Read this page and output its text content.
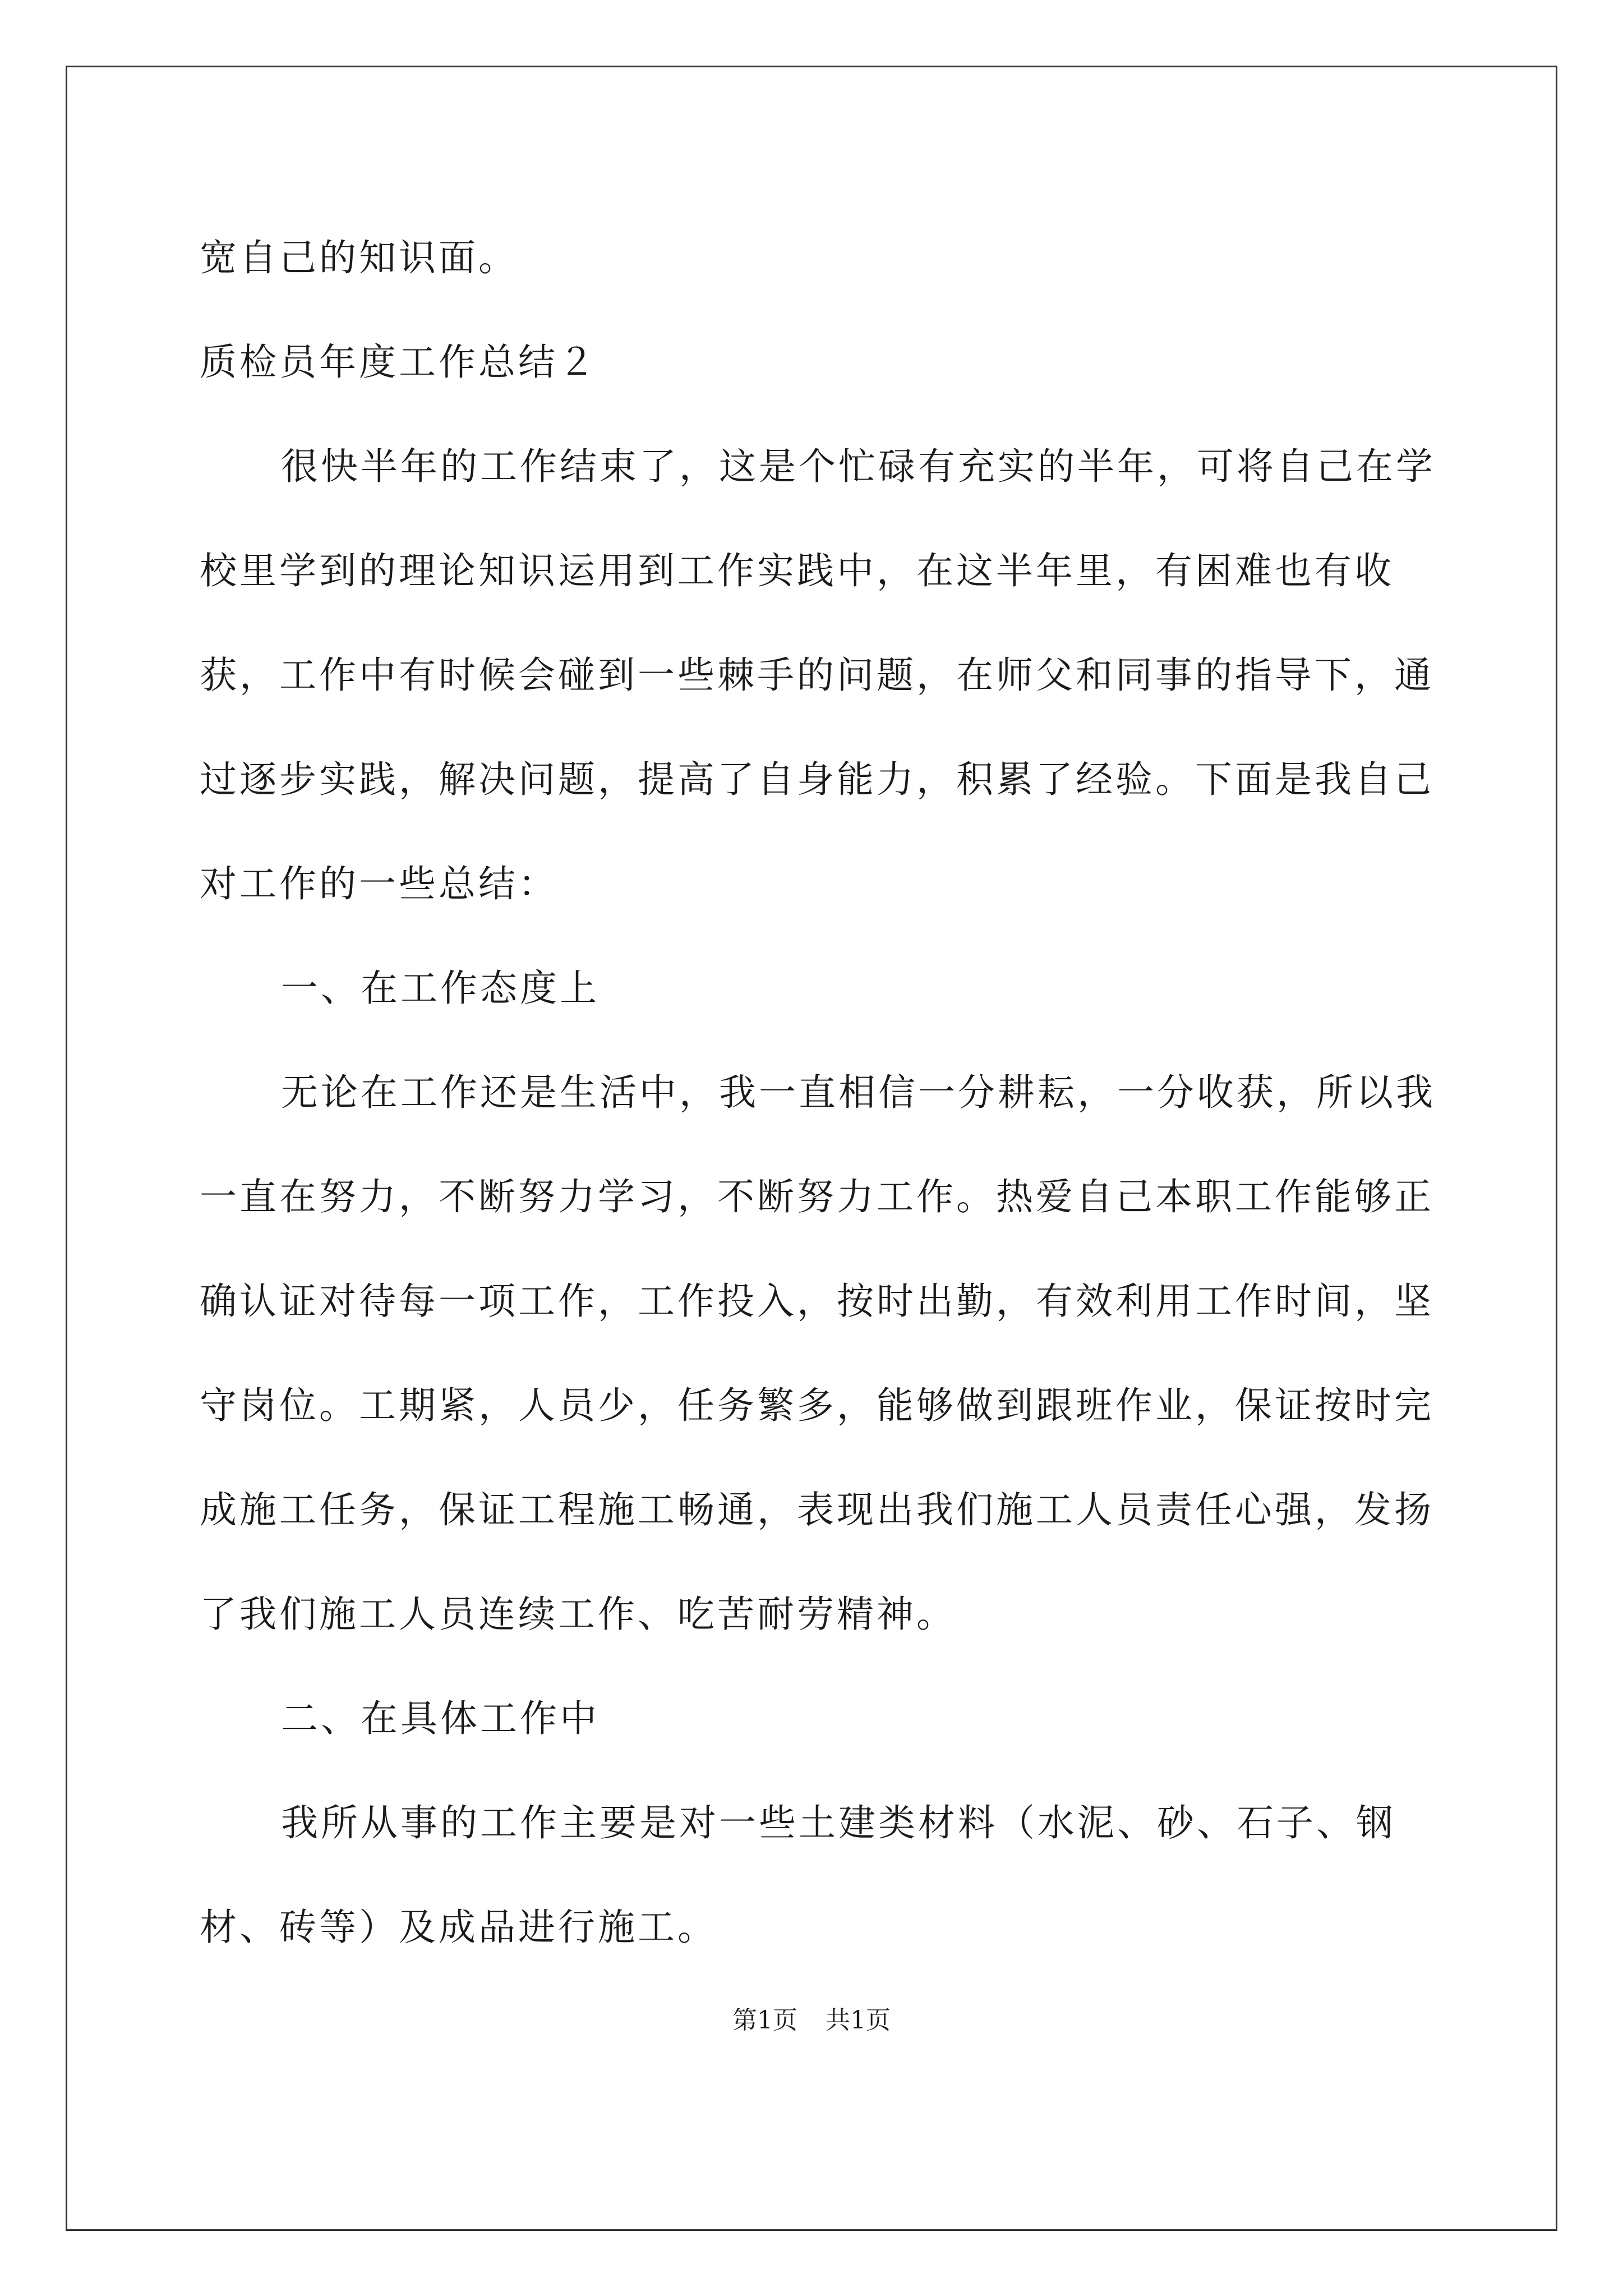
宽自己的知识面。

质检员年度工作总结２

很快半年的工作结束了，这是个忙碌有充实的半年，可将自己在学校里学到的理论知识运用到工作实践中，在这半年里，有困难也有收获，工作中有时候会碰到一些棘手的问题，在师父和同事的指导下，通过逐步实践，解决问题，提高了自身能力，积累了经验。下面是我自己对工作的一些总结：

一、在工作态度上

无论在工作还是生活中，我一直相信一分耕耘，一分收获，所以我一直在努力，不断努力学习，不断努力工作。热爱自己本职工作能够正确认证对待每一项工作，工作投入，按时出勤，有效利用工作时间，坚守岗位。工期紧，人员少，任务繁多，能够做到跟班作业，保证按时完成施工任务，保证工程施工畅通，表现出我们施工人员责任心强，发扬了我们施工人员连续工作、吃苦耐劳精神。

二、在具体工作中

我所从事的工作主要是对一些土建类材料（水泥、砂、石子、钢材、砖等）及成品进行施工。

第1页 共1页
